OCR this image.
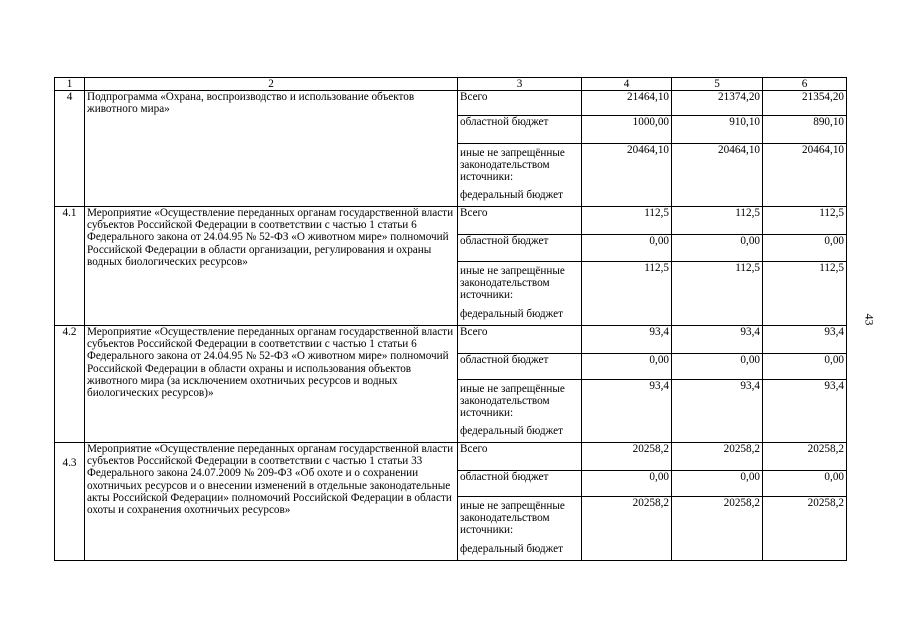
1	2	3	4	5	6
4	Подпрограмма «Охрана, воспроизводство и использование объектов животного мира»	Всего	21464,10	21374,20	21354,20
		областной бюджет	1000,00	910,10	890,10
		иные не запрещённые законодательством источники:	20464,10	20464,10	20464,10
		федеральный бюджет			
4.1	Мероприятие «Осуществление переданных органам государственной власти субъектов Российской Федерации в соответствии с частью 1 статьи 6 Федерального закона от 24.04.95 № 52-ФЗ «О животном мире» полномочий Российской Федерации в области организации, регулирования и охраны водных биологических ресурсов»	Всего	112,5	112,5	112,5
		областной бюджет	0,00	0,00	0,00
		иные не запрещённые законодательством источники:	112,5	112,5	112,5
		федеральный бюджет			
4.2	Мероприятие «Осуществление переданных органам государственной власти субъектов Российской Федерации в соответствии с частью 1 статьи 6 Федерального закона от 24.04.95 № 52-ФЗ «О животном мире» полномочий Российской Федерации в области охраны и использования объектов животного мира (за исключением охотничьих ресурсов и водных биологических ресурсов)»	Всего	93,4	93,4	93,4
		областной бюджет	0,00	0,00	0,00
		иные не запрещённые законодательством источники:	93,4	93,4	93,4
		федеральный бюджет			
4.3	Мероприятие «Осуществление переданных органам государственной власти субъектов Российской Федерации в соответствии с частью 1 статьи 33 Федерального закона 24.07.2009 № 209-ФЗ «Об охоте и о сохранении охотничьих ресурсов и о внесении изменений в отдельные законодательные акты Российской Федерации» полномочий Российской Федерации в области охоты и сохранения охотничьих ресурсов»	Всего	20258,2	20258,2	20258,2
		областной бюджет	0,00	0,00	0,00
		иные не запрещённые законодательством источники:	20258,2	20258,2	20258,2
		федеральный бюджет			
43
